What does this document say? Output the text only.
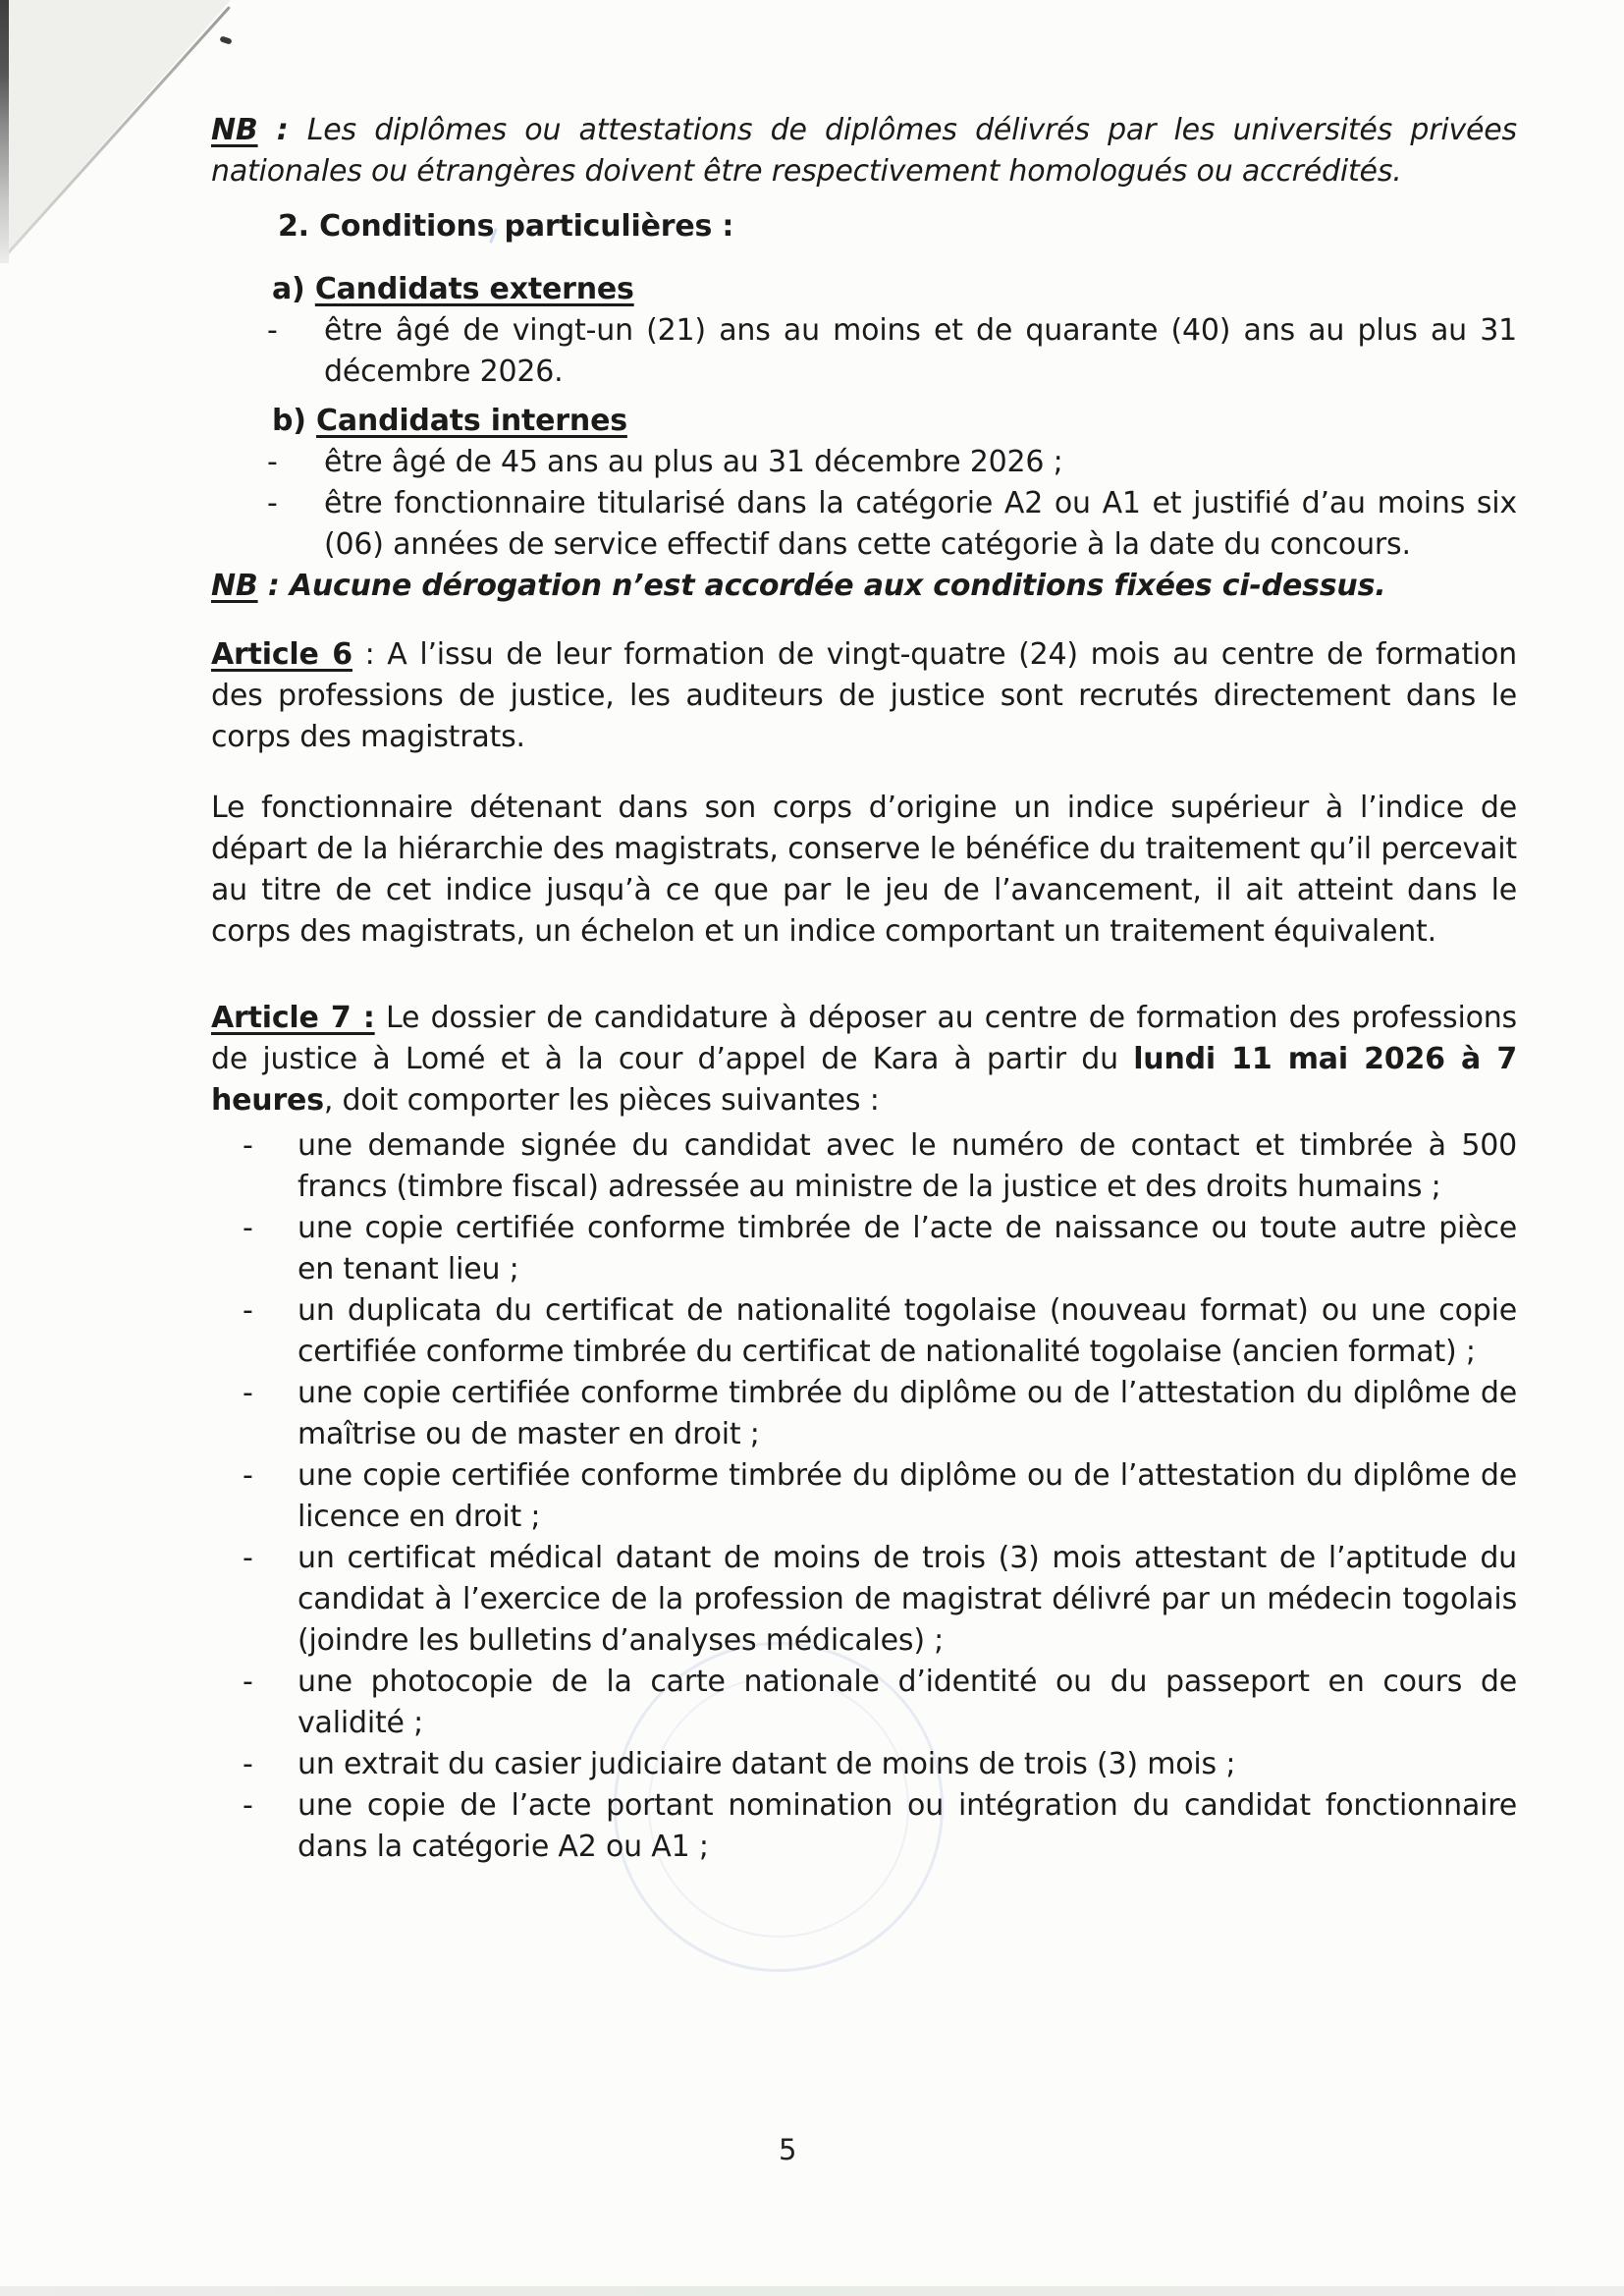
NB : Les diplômes ou attestations de diplômes délivrés par les universités privées nationales ou étrangères doivent être respectivement homologués ou accrédités.

2. Conditions particulières :
a) Candidats externes
- être âgé de vingt-un (21) ans au moins et de quarante (40) ans au plus au 31 décembre 2026.
b) Candidats internes
- être âgé de 45 ans au plus au 31 décembre 2026 ;
- être fonctionnaire titularisé dans la catégorie A2 ou A1 et justifié d’au moins six (06) années de service effectif dans cette catégorie à la date du concours.

NB : Aucune dérogation n’est accordée aux conditions fixées ci-dessus.

Article 6 : A l’issu de leur formation de vingt-quatre (24) mois au centre de formation des professions de justice, les auditeurs de justice sont recrutés directement dans le corps des magistrats.

Le fonctionnaire détenant dans son corps d’origine un indice supérieur à l’indice de départ de la hiérarchie des magistrats, conserve le bénéfice du traitement qu’il percevait au titre de cet indice jusqu’à ce que par le jeu de l’avancement, il ait atteint dans le corps des magistrats, un échelon et un indice comportant un traitement équivalent.

Article 7 : Le dossier de candidature à déposer au centre de formation des professions de justice à Lomé et à la cour d’appel de Kara à partir du lundi 11 mai 2026 à 7 heures, doit comporter les pièces suivantes :

- une demande signée du candidat avec le numéro de contact et timbrée à 500 francs (timbre fiscal) adressée au ministre de la justice et des droits humains ;
- une copie certifiée conforme timbrée de l’acte de naissance ou toute autre pièce en tenant lieu ;
- un duplicata du certificat de nationalité togolaise (nouveau format) ou une copie certifiée conforme timbrée du certificat de nationalité togolaise (ancien format) ;
- une copie certifiée conforme timbrée du diplôme ou de l’attestation du diplôme de maîtrise ou de master en droit ;
- une copie certifiée conforme timbrée du diplôme ou de l’attestation du diplôme de licence en droit ;
- un certificat médical datant de moins de trois (3) mois attestant de l’aptitude du candidat à l’exercice de la profession de magistrat délivré par un médecin togolais (joindre les bulletins d’analyses médicales) ;
- une photocopie de la carte nationale d’identité ou du passeport en cours de validité ;
- un extrait du casier judiciaire datant de moins de trois (3) mois ;
- une copie de l’acte portant nomination ou intégration du candidat fonctionnaire dans la catégorie A2 ou A1 ;
5
